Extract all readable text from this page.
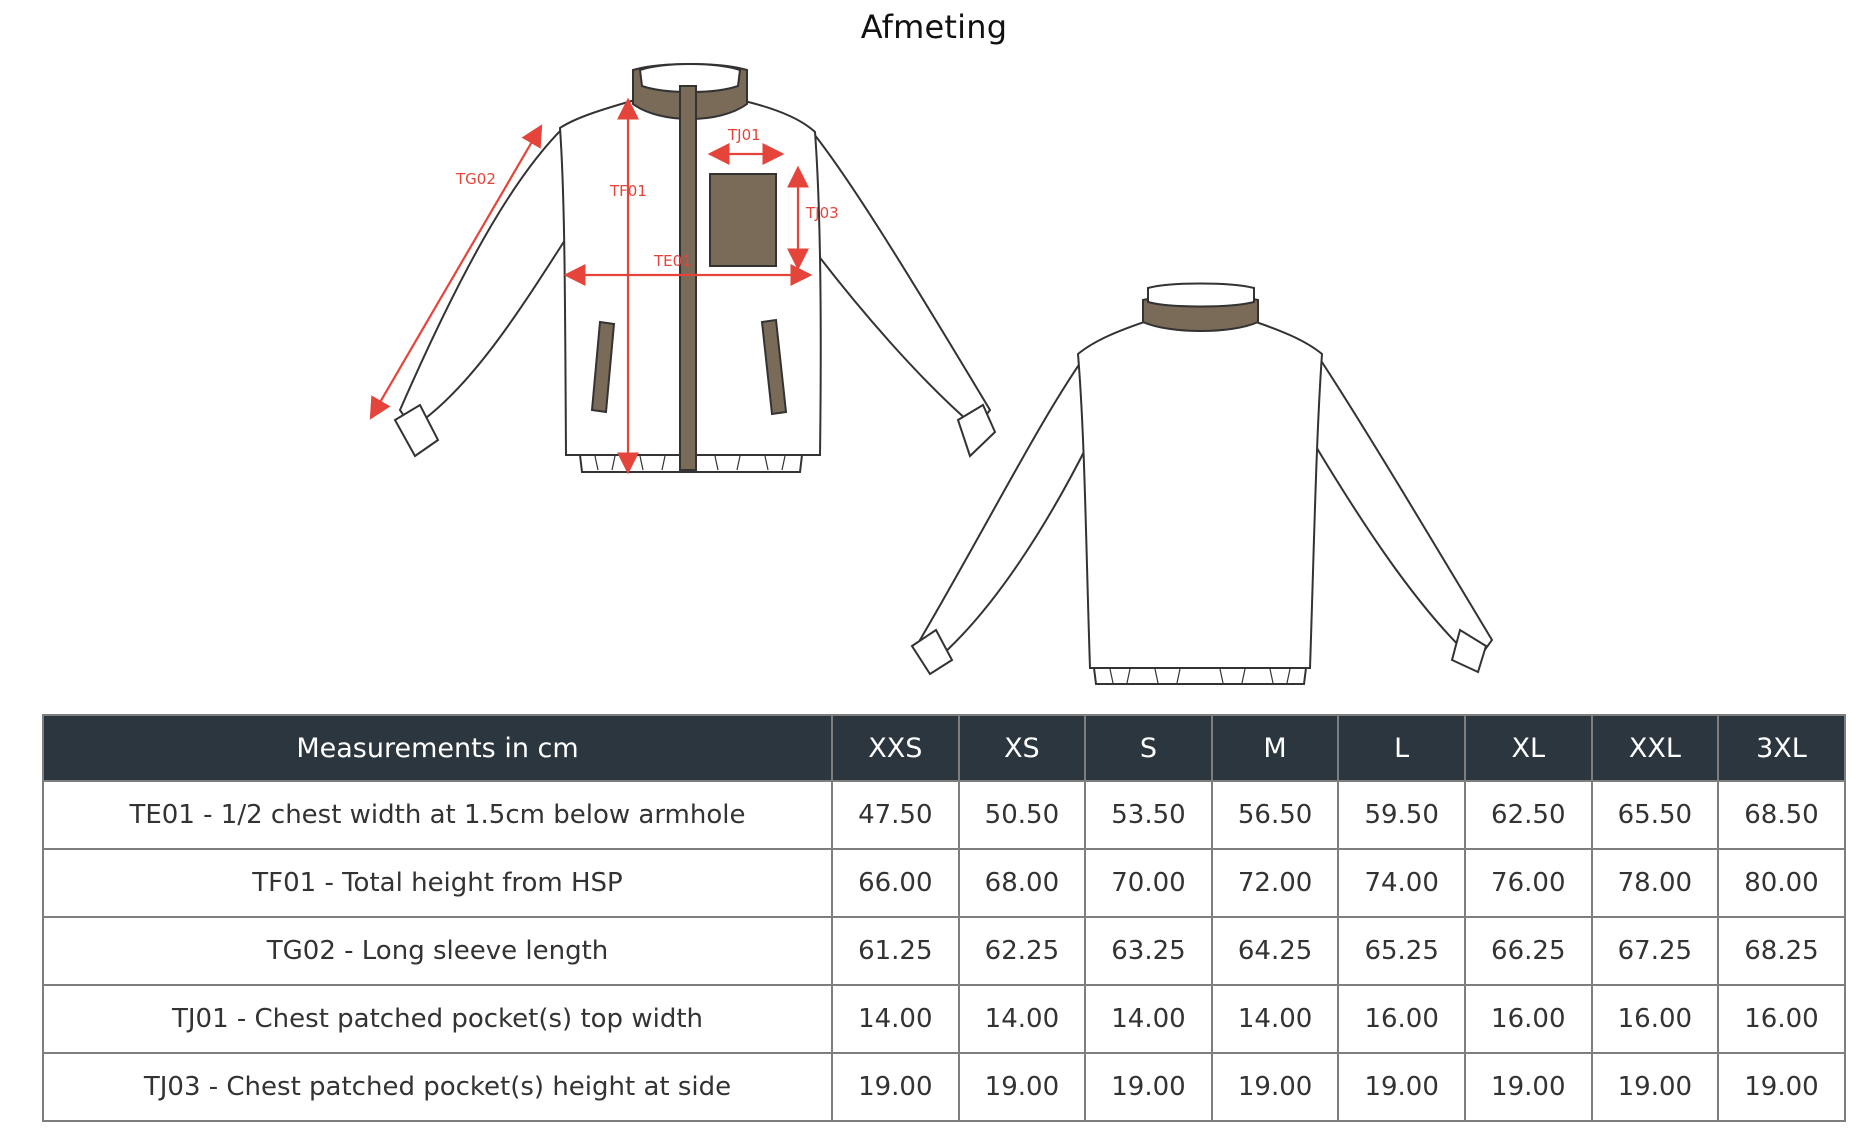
Afmeting
TG02
TF01
TJ01
TJ03
TE01
Measurements in cm	XXS	XS	S	M	L	XL	XXL	3XL
TE01 - 1/2 chest width at 1.5cm below armhole	47.50	50.50	53.50	56.50	59.50	62.50	65.50	68.50
TF01 - Total height from HSP	66.00	68.00	70.00	72.00	74.00	76.00	78.00	80.00
TG02 - Long sleeve length	61.25	62.25	63.25	64.25	65.25	66.25	67.25	68.25
TJ01 - Chest patched pocket(s) top width	14.00	14.00	14.00	14.00	16.00	16.00	16.00	16.00
TJ03 - Chest patched pocket(s) height at side	19.00	19.00	19.00	19.00	19.00	19.00	19.00	19.00
